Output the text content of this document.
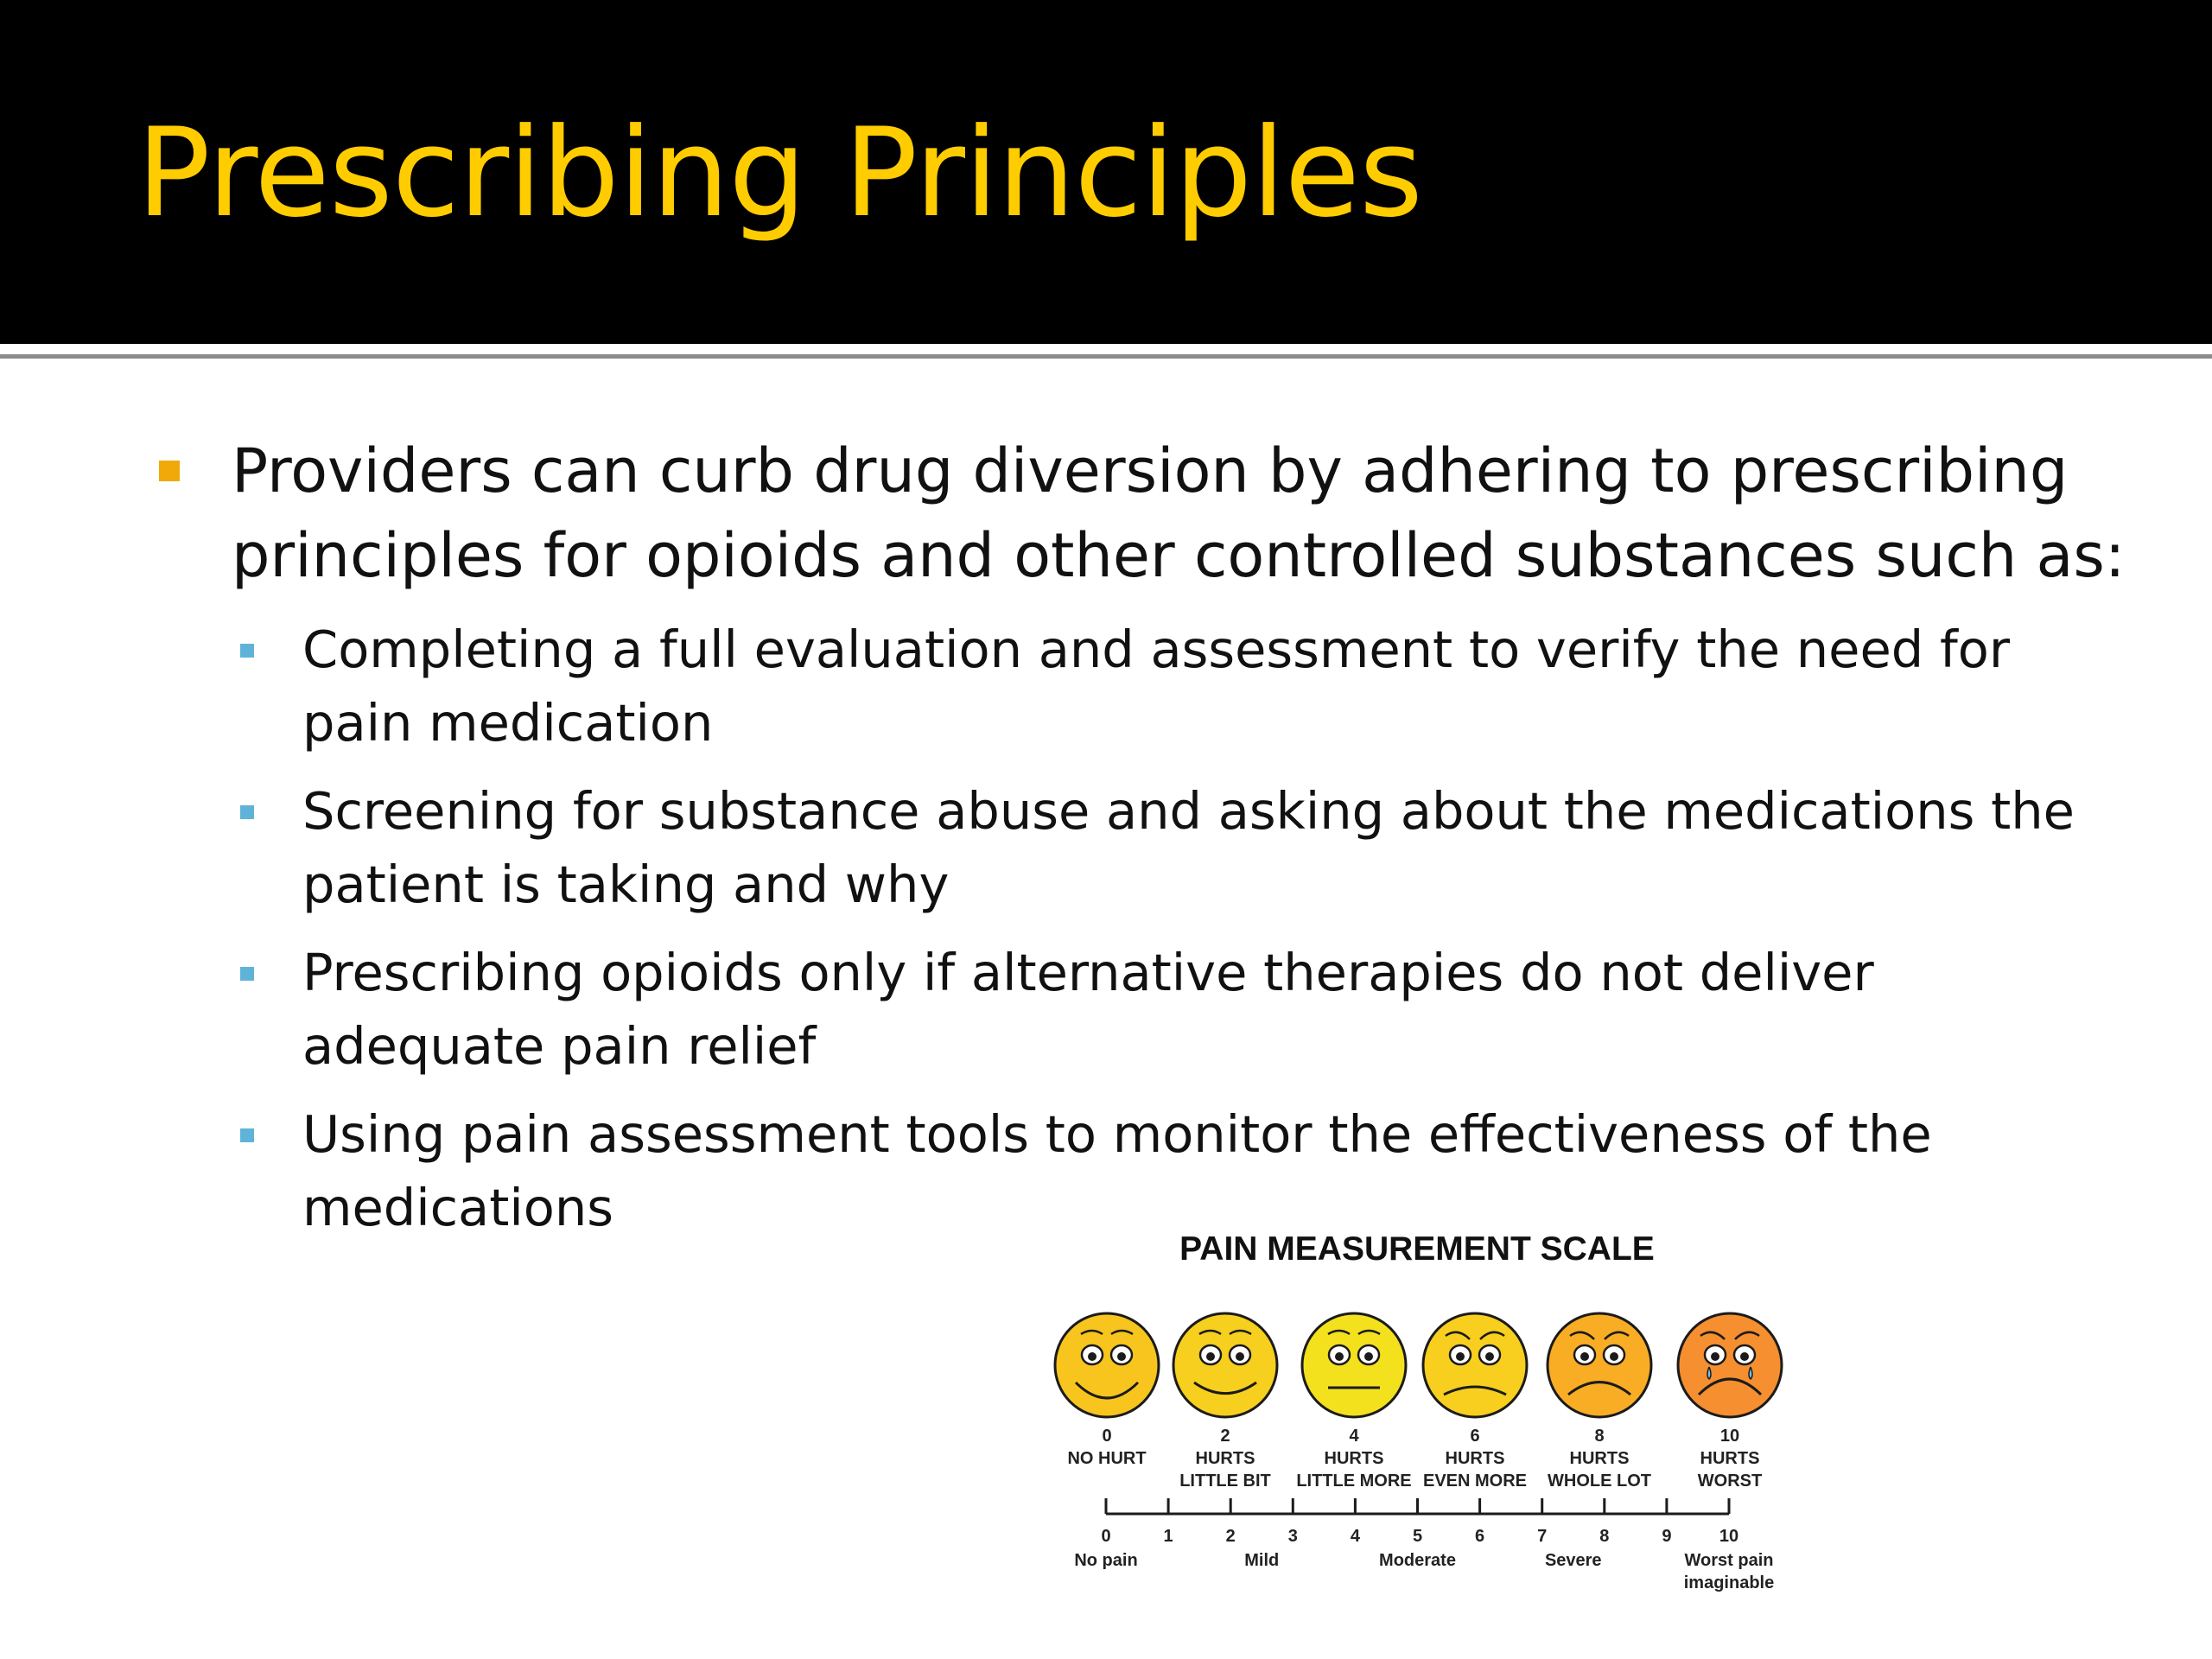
Prescribing Principles
Providers can curb drug diversion by adhering to prescribing principles for opioids and other controlled substances such as:
Completing a full evaluation and assessment to verify the need for pain medication
Screening for substance abuse and asking about the medications the patient is taking and why
Prescribing opioids only if alternative therapies do not deliver adequate pain relief
Using pain assessment tools to monitor the effectiveness of the medications
PAIN MEASUREMENT SCALE
0
NO HURT
2
HURTS
LITTLE BIT
4
HURTS
LITTLE MORE
6
HURTS
EVEN MORE
8
HURTS
WHOLE LOT
10
HURTS
WORST
0	1	2	3	4	5	6	7	8	9	10
No pain	Mild	Moderate	Severe	Worst pain
imaginable
